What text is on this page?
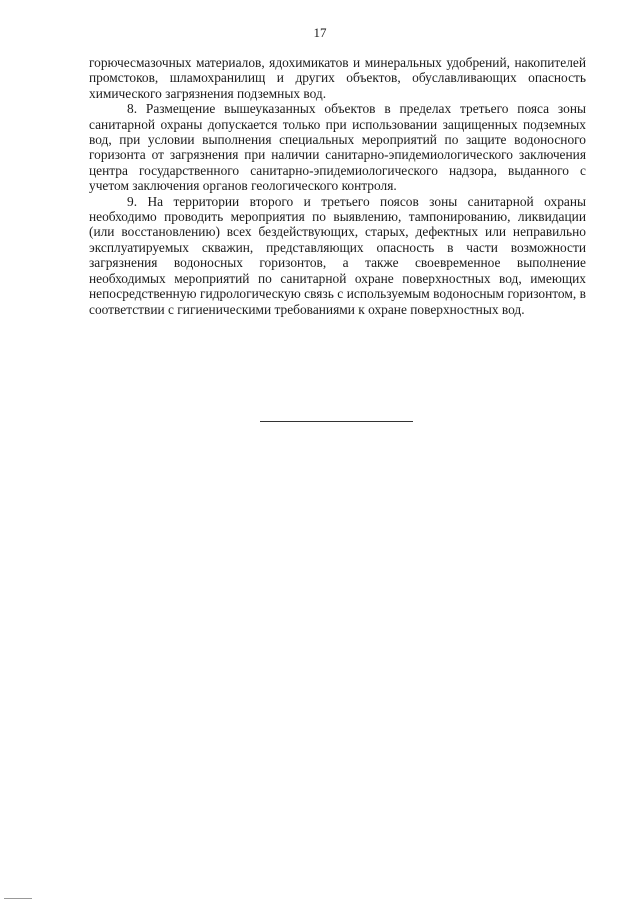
17

горючесмазочных материалов, ядохимикатов и минеральных удобрений, накопителей промстоков, шламохранилищ и других объектов, обуславливающих опасность химического загрязнения подземных вод.

8. Размещение вышеуказанных объектов в пределах третьего пояса зоны санитарной охраны допускается только при использовании защищенных подземных вод, при условии выполнения специальных мероприятий по защите водоносного горизонта от загрязнения при наличии санитарно-эпидемиологического заключения центра государственного санитарно-эпидемиологического надзора, выданного с учетом заключения органов геологического контроля.

9. На территории второго и третьего поясов зоны санитарной охраны необходимо проводить мероприятия по выявлению, тампонированию, ликвидации (или восстановлению) всех бездействующих, старых, дефектных или неправильно эксплуатируемых скважин, представляющих опасность в части возможности загрязнения водоносных горизонтов, а также своевременное выполнение необходимых мероприятий по санитарной охране поверхностных вод, имеющих непосредственную гидрологическую связь с используемым водоносным горизонтом, в соответствии с гигиеническими требованиями к охране поверхностных вод.
